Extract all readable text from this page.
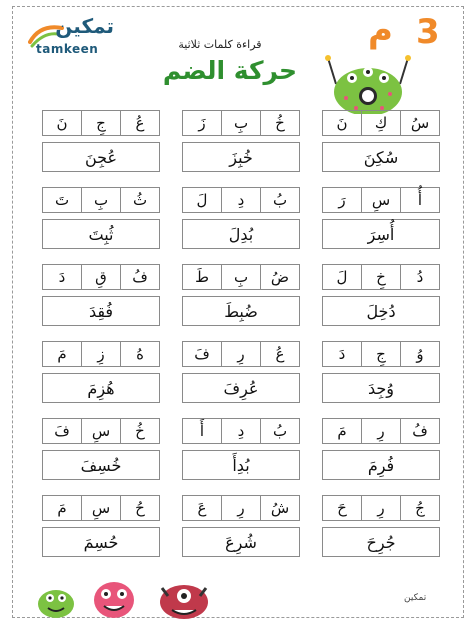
تمكين
tamkeen	م 3
قراءة كلمات ثلاثية
حركة الضم
نَ	كِ	سُ
سُكِنَ
زَ	بِ	خُ
خُبِزَ
نَ	جِ	عُ
عُجِنَ
رَ	سِ	أُ
أُسِرَ
لَ	دِ	بُ
بُدِلَ
تَ	بِ	ثُ
ثُبِتَ
لَ	خِ	دُ
دُخِلَ
طَ	بِ	ضُ
ضُبِطَ
دَ	قِ	فُ
فُقِدَ
دَ	جِ	وُ
وُجِدَ
فَ	رِ	عُ
عُرِفَ
مَ	زِ	هُ
هُزِمَ
مَ	رِ	فُ
فُرِمَ
أَ	دِ	بُ
بُدِأَ
فَ	سِ	خُ
خُسِفَ
حَ	رِ	جُ
جُرِحَ
عَ	رِ	شُ
شُرِعَ
مَ	سِ	حُ
حُسِمَ
تمكين
